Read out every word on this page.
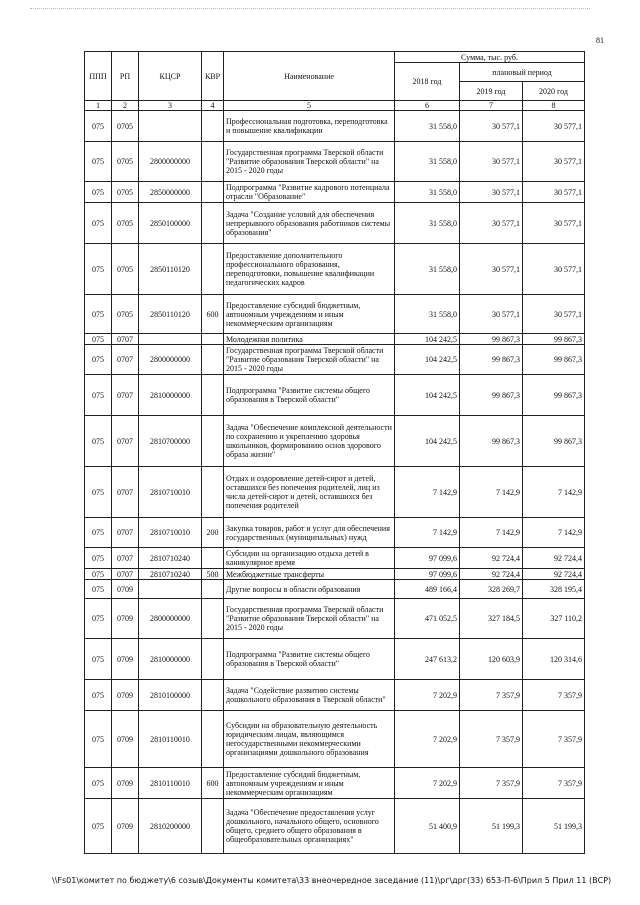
81
ППП	РП	КЦСР	КВР	Наименование	Сумма, тыс. руб.		
					2018 год	плановый период	
						2019 год	2020 год
1	2	3	4	5	6	7	8
075	0705			Профессиональная подготовка, переподготовка и повышение квалификации	31 558,0	30 577,1	30 577,1
075	0705	2800000000		Государственная программа Тверской области "Развитие образования Тверской области" на 2015 - 2020 годы	31 558,0	30 577,1	30 577,1
075	0705	2850000000		Подпрограмма "Развитие кадрового потенциала отрасли "Образование"	31 558,0	30 577,1	30 577,1
075	0705	2850100000		Задача "Создание условий для обеспечения непрерывного образования работников системы образования"	31 558,0	30 577,1	30 577,1
075	0705	2850110120		Предоставление дополнительного профессионального образования, переподготовки, повышение квалификации педагогических кадров	31 558,0	30 577,1	30 577,1
075	0705	2850110120	600	Предоставление субсидий бюджетным, автономным учреждениям и иным некоммерческим организациям	31 558,0	30 577,1	30 577,1
075	0707			Молодежная политика	104 242,5	99 867,3	99 867,3
075	0707	2800000000		Государственная программа Тверской области "Развитие образования Тверской области" на 2015 - 2020 годы	104 242,5	99 867,3	99 867,3
075	0707	2810000000		Подпрограмма "Развитие системы общего образования в Тверской области"	104 242,5	99 867,3	99 867,3
075	0707	2810700000		Задача "Обеспечение комплексной деятельности по сохранению и укреплению здоровья школьников, формированию основ здорового образа жизни"	104 242,5	99 867,3	99 867,3
075	0707	2810710010		Отдых и оздоровление детей-сирот и детей, оставшихся без попечения родителей, лиц из числа детей-сирот и детей, оставшихся без попечения родителей	7 142,9	7 142,9	7 142,9
075	0707	2810710010	200	Закупка товаров, работ и услуг для обеспечения государственных (муниципальных) нужд	7 142,9	7 142,9	7 142,9
075	0707	2810710240		Субсидии на организацию отдыха детей в каникулярное время	97 099,6	92 724,4	92 724,4
075	0707	2810710240	500	Межбюджетные трансферты	97 099,6	92 724,4	92 724,4
075	0709			Другие вопросы в области образования	489 166,4	328 269,7	328 195,4
075	0709	2800000000		Государственная программа Тверской области "Развитие образования Тверской области" на 2015 - 2020 годы	471 052,5	327 184,5	327 110,2
075	0709	2810000000		Подпрограмма "Развитие системы общего образования в Тверской области"	247 613,2	120 603,9	120 314,6
075	0709	2810100000		Задача "Содействие развитию системы дошкольного образования в Тверской области"	7 202,9	7 357,9	7 357,9
075	0709	2810110010		Субсидии на образовательную деятельность юридическим лицам, являющимся негосударственными некоммерческими организациями дошкольного образования	7 202,9	7 357,9	7 357,9
075	0709	2810110010	600	Предоставление субсидий бюджетным, автономным учреждениям и иным некоммерческим организациям	7 202,9	7 357,9	7 357,9
075	0709	2810200000		Задача "Обеспечение предоставления услуг дошкольного, начального общего, основного общего, среднего общего образования в общеобразовательных организациях"	51 400,9	51 199,3	51 199,3
\\Fs01\комитет по бюджету\6 созыв\Документы комитета\33 внеочередное заседание (11)\рг\дрг(33) 653-П-6\Прил 5 Прил 11 (ВСР)
